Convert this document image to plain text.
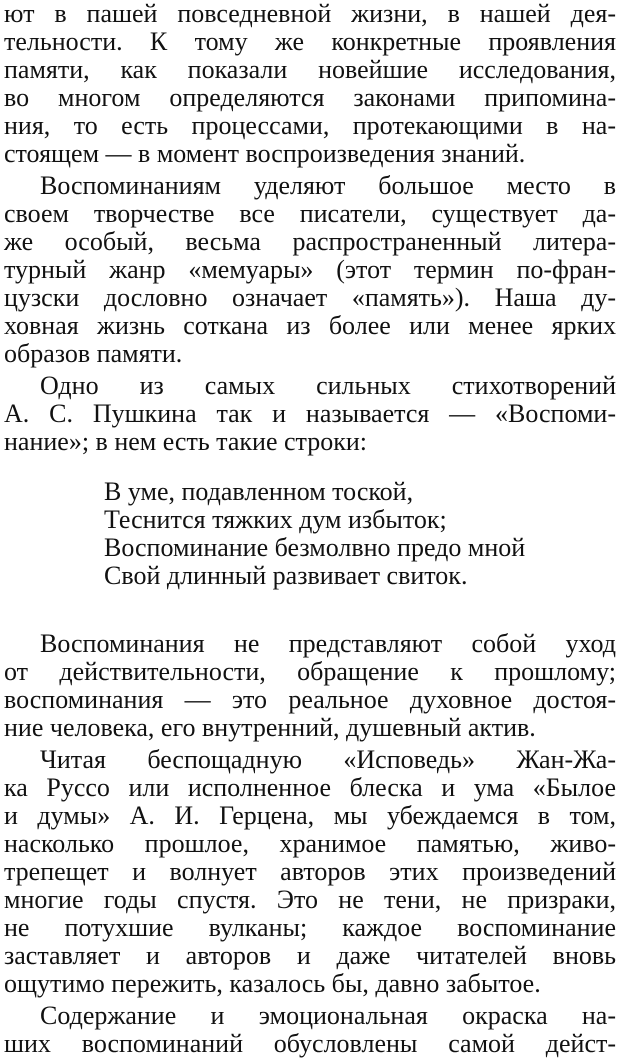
ют в пашей повседневной жизни, в нашей дея-
тельности. К тому же конкретные проявления
памяти, как показали новейшие исследования,
во многом определяются законами припомина-
ния, то есть процессами, протекающими в на-
стоящем — в момент воспроизведения знаний.
Воспоминаниям уделяют большое место в
своем творчестве все писатели, существует да-
же особый, весьма распространенный литера-
турный жанр «мемуары» (этот термин по-фран-
цузски дословно означает «память»). Наша ду-
ховная жизнь соткана из более или менее ярких
образов памяти.
Одно из самых сильных стихотворений
А. С. Пушкина так и называется — «Воспоми-
нание»; в нем есть такие строки:
В уме, подавленном тоской,
Теснится тяжких дум избыток;
Воспоминание безмолвно предо мной
Свой длинный развивает свиток.
Воспоминания не представляют собой уход
от действительности, обращение к прошлому;
воспоминания — это реальное духовное достоя-
ние человека, его внутренний, душевный актив.
Читая беспощадную «Исповедь» Жан-Жа-
ка Руссо или исполненное блеска и ума «Былое
и думы» А. И. Герцена, мы убеждаемся в том,
насколько прошлое, хранимое памятью, живо-
трепещет и волнует авторов этих произведений
многие годы спустя. Это не тени, не призраки,
не потухшие вулканы; каждое воспоминание
заставляет и авторов и даже читателей вновь
ощутимо пережить, казалось бы, давно забытое.
Содержание и эмоциональная окраска на-
ших воспоминаний обусловлены самой дейст-
